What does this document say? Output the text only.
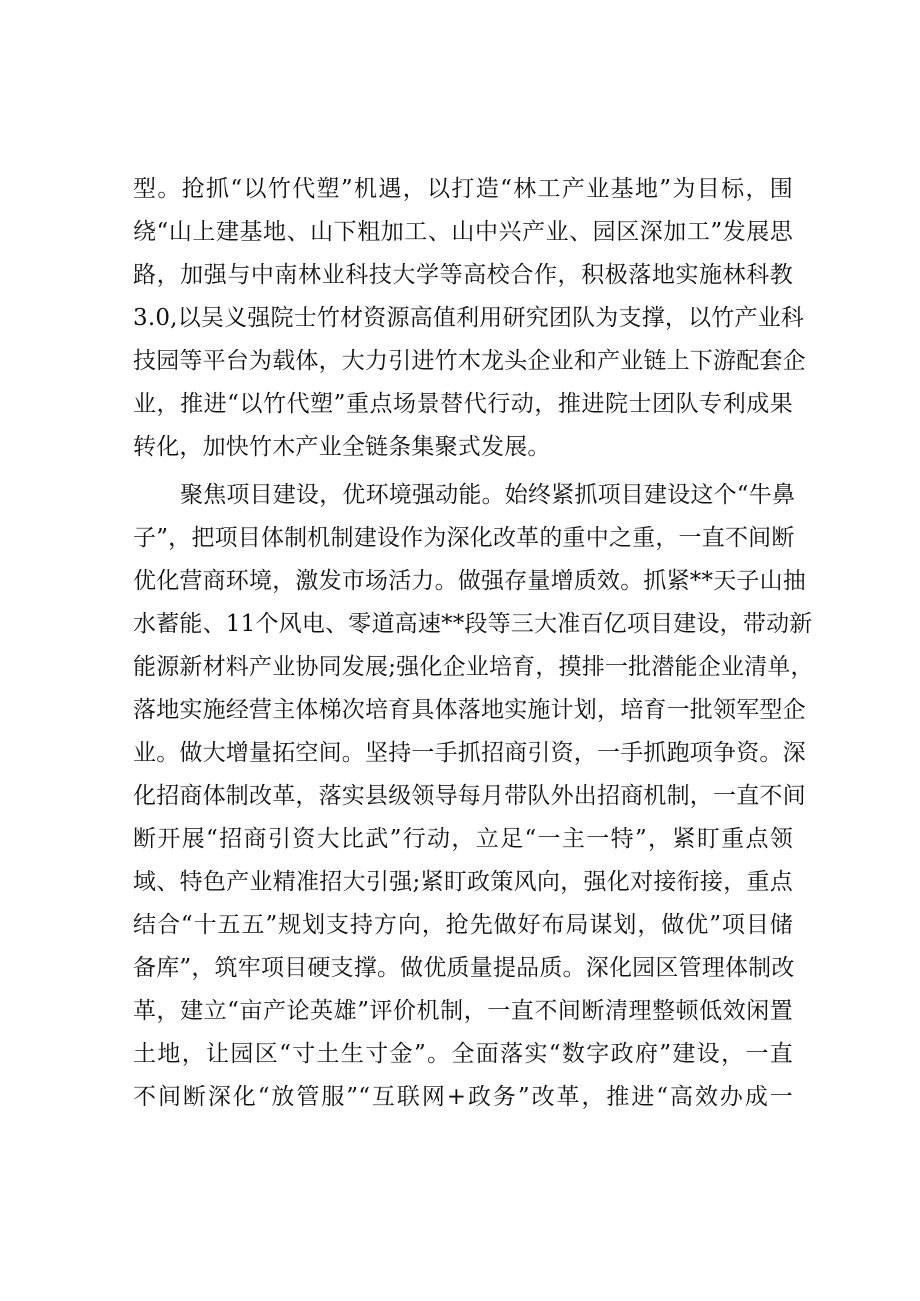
型。抢抓“以竹代塑”机遇，以打造“林工产业基地”为目标，围
绕“山上建基地、山下粗加工、山中兴产业、园区深加工”发展思
路，加强与中南林业科技大学等高校合作，积极落地实施林科教
3.0,以吴义强院士竹材资源高值利用研究团队为支撑，以竹产业科
技园等平台为载体，大力引进竹木龙头企业和产业链上下游配套企
业，推进“以竹代塑”重点场景替代行动，推进院士团队专利成果
转化，加快竹木产业全链条集聚式发展。
聚焦项目建设，优环境强动能。始终紧抓项目建设这个“牛鼻
子”，把项目体制机制建设作为深化改革的重中之重，一直不间断
优化营商环境，激发市场活力。做强存量增质效。抓紧**天子山抽
水蓄能、11个风电、零道高速**段等三大准百亿项目建设，带动新
能源新材料产业协同发展;强化企业培育，摸排一批潜能企业清单，
落地实施经营主体梯次培育具体落地实施计划，培育一批领军型企
业。做大增量拓空间。坚持一手抓招商引资，一手抓跑项争资。深
化招商体制改革，落实县级领导每月带队外出招商机制，一直不间
断开展“招商引资大比武”行动，立足“一主一特”，紧盯重点领
域、特色产业精准招大引强;紧盯政策风向，强化对接衔接，重点
结合“十五五”规划支持方向，抢先做好布局谋划，做优”项目储
备库”，筑牢项目硬支撑。做优质量提品质。深化园区管理体制改
革，建立“亩产论英雄”评价机制，一直不间断清理整顿低效闲置
土地，让园区“寸土生寸金”。全面落实“数字政府”建设，一直
不间断深化“放管服”“互联网+政务”改革，推进“高效办成一
